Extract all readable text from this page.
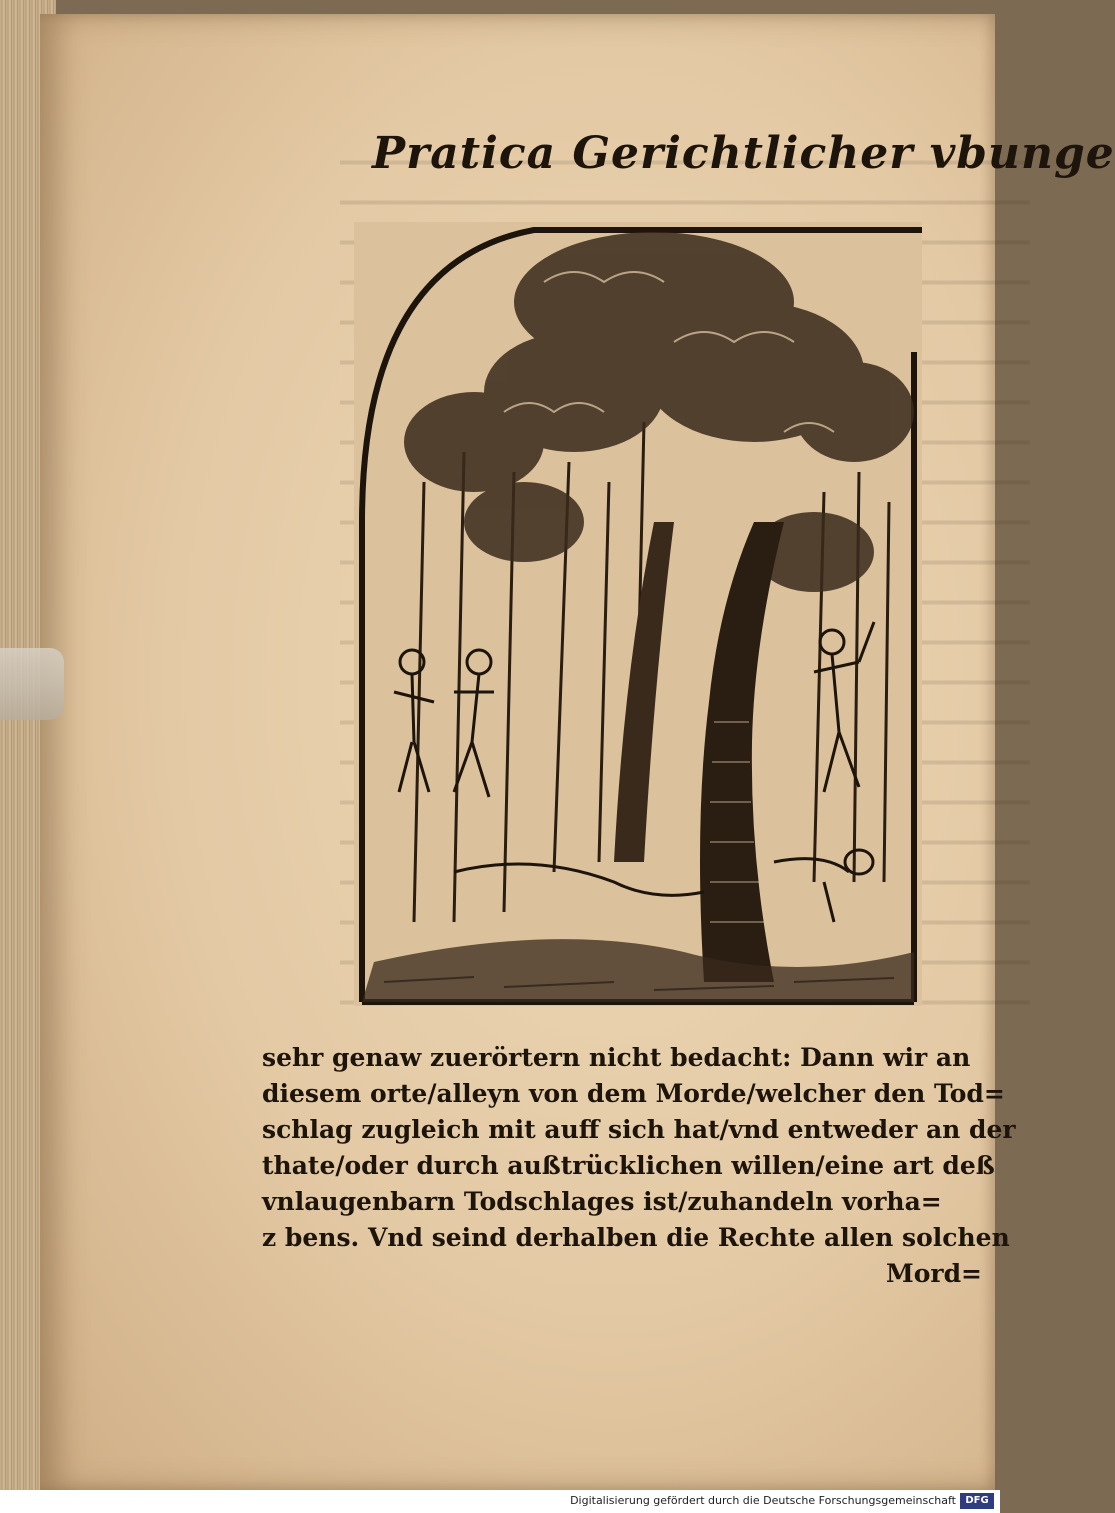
Pratica Gerichtlicher vbunge
sehr genaw zuerörtern nicht bedacht: Dann wir an
diesem orte/alleyn von dem Morde/welcher den Tod=
schlag zugleich mit auff sich hat/vnd entweder an der
thate/oder durch außtrücklichen willen/eine art deß
vnlaugenbarn Todschlages ist/zuhandeln vorha=
z bens. Vnd seind derhalben die Rechte allen solchen
Mord=
Digitalisierung gefördert durch die Deutsche Forschungsgemeinschaft DFG
